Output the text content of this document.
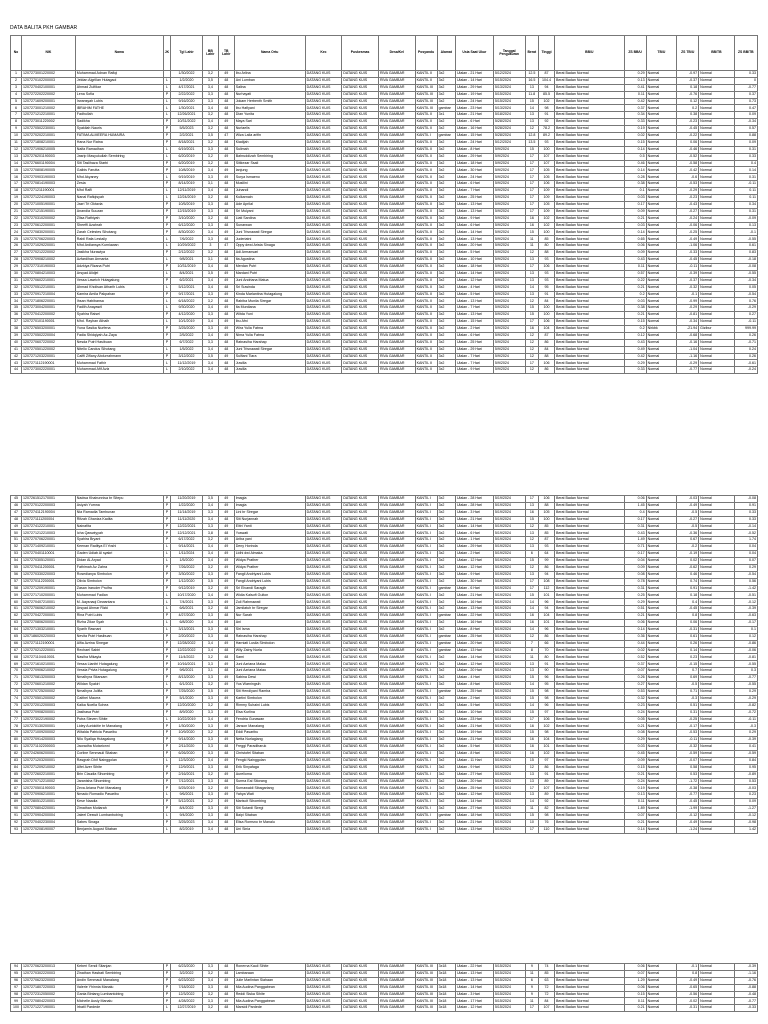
DATA BALITA PKH GAMBAR
No	NIK	Nama	JK	Tgl Lahir	BB Lahir	TB Lahir	Nama Ortu	Kec	Puskesmas	Desa/Kel	Posyandu	Alamat	Usia Saat Ukur	Tanggal Pengukuran	Berat	Tinggi	BB/U	ZS BB/U	TB/U	ZS TB/U	BB/TB	ZS BB/TB
1	1207273001220002	Muhammad Adnan Rafiqi		1/30/2022	3,2	49	Ibu Arlina	DATANG KUIS	DATANG KUIS	RIVA GAMBAR	KANTIL II	3x2	Ulalan - 21 Hari	5/12/2024	12.5	87	Berat Badan Normal	0.29	Normal	-0.97	Normal	0.33
2	1207270102200003	Jeldan Algrillan Hutagaol	L	1/2/2020	3,5	48	Ani Lumban	DATANG KUIS	DATANG KUIS	RIVA GAMBAR	KANTIL II	3x2	Ulalan - 14 Hari	5/15/2024	16.5	104.4	Berat Badan Normal	0.13	Normal	-0.37	Normal	0
3	1207270402100001	Ahmad Zulfikar	L	4/17/2021	3,4	48	Salina	DATANG KUIS	DATANG KUIS	RIVA GAMBAR	KANTIL III	3x2	Ulalan - 29 Hari	5/13/2024	13	94	Berat Badan Normal	0.41	Normal	0.18	Normal	-0.77
4	1207272202220002	Lena Sofia	P	2/22/2022	3,3	48	Nurhayati	DATANG KUIS	DATANG KUIS	RIVA GAMBAR	KANTIL III	3x2	Ulalan - 19 Hari	5/15/2024	11.8	85.5	Berat Badan Normal	0.11	Normal	-0.76	Normal	0.37
5	1207271609200001	Irwansyah Lubis	L	9/16/2020	3,3	48	Jokam Herbenth Smith	DATANG KUIS	DATANG KUIS	RIVA GAMBAR	KANTIL III	3x2	Ulalan - 24 Hari	5/15/2024	15	102	Berat Badan Normal	0.42	Normal	0.12	Normal	0.73
6	1207273001210002	IBRAHIM FATHE	L	1/30/2021	3,4	48	Ibu Hafiyani	DATANG KUIS	DATANG KUIS	RIVA GAMBAR	KANTIL III	gambar	Ulalan - 23 Hari	5/13/2024	14	98	Berat Badan Normal	0.37	Normal	0.2	Normal	0.47
7	1207271212210001	Fadhullah	L	12/26/2021	3,2	48	Dian Yunita	DATANG KUIS	DATANG KUIS	RIVA GAMBAR	KANTIL II	3x1	Ulalan - 21 Hari	5/18/2024	13	91	Berat Badan Normal	0.34	Normal	0.38	Normal	0.09
8	1207273011220002	Sadikha	P	10/31/2022	3,4	49	Maya Sari	DATANG KUIS	DATANG KUIS	RIVA GAMBAR	KANTIL II	3x2	Ulalan - 6 Hari	5/28/2024	13	92	Berat Badan Normal	0.33	Normal	-0.23	Normal	-0.34
9	1207270502230001	Syakilah Nauris	P	5/5/2023	3,2	48	Nurlaelis	DATANG KUIS	DATANG KUIS	RIVA GAMBAR	KANTIL II	3x2	Ulalan - 16 Hari	5/28/2024	12	78.2	Berat Badan Normal	0.19	Normal	-0.45	Normal	0.57
10	1207270202210001	FATIMA ALMEERA HUMAIRA	P	2/2/2021	3,5	47	Wiza Laila arifin	DATANG KUIS	DATANG KUIS	RIVA GAMBAR	KANTIL I	gambar	Ulalan - 15 Hari	5/28/2024	12.8	89.2	Berat Badan Normal	0.02	Normal	-0.22	Normal	0.88
11	1207271808210001	Hana Nur Ratna	P	8/18/2021	3,2	48	Kiadijah	DATANG KUIS	DATANG KUIS	RIVA GAMBAR	KANTIL II	3x2	Ulalan - 24 Hari	5/12/2024	13.5	93	Berat Badan Normal	0.15	Normal	0.06	Normal	0.09
12	1207271906210005	Naifa Ramadhan	L	6/19/2021	3,3	48	Sulimah	DATANG KUIS	DATANG KUIS	RIVA GAMBAR	KANTIL II	3x2	Ulalan - 8 Hari	5/9/2024	15	100	Berat Badan Normal	0.14	Normal	-0.46	Normal	0.31
13	1207276201190003	Jasrip Masyukullah Sembiring	L	6/20/2019	3,2	49	Bahruddizah Sembiring	DATANG KUIS	DATANG KUIS	RIVA GAMBAR	KANTIL II	3x2	Ulalan - 29 Hari	5/9/2024	17	107	Berat Badan Normal	0.5	Normal	-0.52	Normal	0.33
14	1207276601190004	Siti Taslihaza Starbi	P	6/20/2019	3,2	48	Sitikezar Ssali	DATANG KUIS	DATANG KUIS	RIVA GAMBAR	KANTIL II	3x2	Ulalan - 18 Hari	5/9/2024	17	107	Berat Badan Normal	0.46	Normal	-0.58	Normal	0.4
15	1207270808190005	Galbis Farutta	P	10/8/2019	3,4	49	Ianjung	DATANG KUIS	DATANG KUIS	RIVA GAMBAR	KANTIL II	3x2	Ulalan - 30 Hari	5/9/2024	17	105	Berat Badan Normal	0.14	Normal	-0.42	Normal	0.14
16	1207270903190003	Mhd Akyaney	L	9/19/2019	3,3	49	Surya Ismaeno	DATANG KUIS	DATANG KUIS	RIVA GAMBAR	KANTIL II	3x2	Ulalan - 24 Hari	5/9/2024	17	105	Berat Badan Normal	0.28	Normal	-0.6	Normal	0.31
17	1207270814190003	Zesia	P	8/14/2019	3,1	48	Musliini	DATANG KUIS	DATANG KUIS	RIVA GAMBAR	KANTIL II	3x2	Ulalan - 6 Hari	5/9/2024	17	106	Berat Badan Normal	0.38	Normal	-0.53	Normal	-0.11
18	1207271211190001	Mhd Rafli	L	12/11/2019	3,4	48	Juhandi	DATANG KUIS	DATANG KUIS	RIVA GAMBAR	KANTIL II	3x2	Ulalan - 7 Hari	5/9/2024	17	109	Berat Badan Normal	0.1	Normal	-0.29	Normal	0.11
19	1207271224190003	Nanal Rafiqisyah	L	12/24/2019	3,2	48	Kulkarnain	DATANG KUIS	DATANG KUIS	RIVA GAMBAR	KANTIL II	3x2	Ulalan - 25 Hari	5/9/2024	17	109	Berat Badan Normal	0.03	Normal	-0.23	Normal	0.11
20	1207271005190001	Jazri Tri Oktavia	P	10/5/2019	3,3	48	Ade Aprilal	DATANG KUIS	DATANG KUIS	RIVA GAMBAR	KANTIL II	3x2	Ulalan - 13 Hari	5/9/2024	17	105	Berat Badan Normal	0.17	Normal	-0.43	Normal	0.34
21	1207271215190001	Anandia Suuzan	P	12/15/2019	3,3	48	Sri Mulyani	DATANG KUIS	DATANG KUIS	RIVA GAMBAR	KANTIL II	3x2	Ulalan - 13 Hari	5/9/2024	17	109	Berat Badan Normal	0.09	Normal	-0.27	Normal	0.31
22	1207270310200002	Zlisa Rathiyah	P	3/10/2020	3,2	48	Liati Sardina	DATANG KUIS	DATANG KUIS	RIVA GAMBAR	KANTIL II	3x2	Ulalan - 9 Hari	5/9/2024	16	102	Berat Badan Normal	0.21	Normal	-0.24	Normal	-0.09
23	1207270612200001	Sheeffi Azahrah	P	6/12/2020	3,3	48	Sunarwan	DATANG KUIS	DATANG KUIS	RIVA GAMBAR	KANTIL II	3x2	Ulalan - 6 Hari	5/9/2024	16	102	Berat Badan Normal	0.03	Normal	-0.06	Normal	0.13
24	1207270830200001	Zarah Celestes Sihotang	P	8/30/2020	3,4	49	Juni Trisnawati Siregar	DATANG KUIS	DATANG KUIS	RIVA GAMBAR	KANTIL II	3x2	Ulalan - 14 Hari	5/9/2024	15	100	Berat Badan Normal	0.14	Normal	-0.25	Normal	-0.1
25	1207270706220003	Rabil Rafa Lestaily	L	7/6/2022	3,3	48	Juderiatni	DATANG KUIS	DATANG KUIS	RIVA GAMBAR	KANTIL II	3x2	Ulalan - 13 Hari	5/9/2024	11	85	Berat Badan Normal	0.65	Normal	-0.49	Normal	-0.55
26	1207271029220001	Mhd Ardiansya Kurniawan	L	10/29/2022	3	47	Oppy dewi Arista Sinaga	DATANG KUIS	DATANG KUIS	RIVA GAMBAR	KANTIL II	3x2	Ulalan - 20 Hari	5/9/2024	11	80	Berat Badan Normal	0.06	Normal	-1.06	Normal	0.61
27	1207270212220002	Jasikha Nurawiya	P	2/12/2022	3,2	48	Adi Armansari	DATANG KUIS	DATANG KUIS	RIVA GAMBAR	KANTIL II	3x2	Ulalan - 5 Hari	5/9/2024	12	88	Berat Badan Normal	0.09	Normal	-0.33	Normal	0.83
28	1207270908210002	Azfardihan Armanta	L	9/8/2021	3,1	48	Ita Agustina	DATANG KUIS	DATANG KUIS	RIVA GAMBAR	KANTIL II	3x2	Ulalan - 10 Hari	5/9/2024	13	93	Berat Badan Normal	0.43	Normal	-0.45	Normal	-0.18
29	1207277310190003	Adzkiya Rizana Putri	P	10/31/2019	3,4	48	Merdan Putri	DATANG KUIS	DATANG KUIS	RIVA GAMBAR	KANTIL II	3x2	Ulalan - 18 Hari	5/9/2024	17	106	Berat Badan Normal	0.11	Normal	-0.11	Normal	-0.08
30	1207270804210003	Arsyad Alidjel	L	8/4/2021	3,5	49	Mardani Putri	DATANG KUIS	DATANG KUIS	RIVA GAMBAR	KANTIL II	3x2	Ulalan - 14 Hari	5/9/2024	13	93	Berat Badan Normal	0.57	Normal	-0.39	Normal	-0.55
31	1207270602210001	Vessa Lawrich Hutagalung	P	6/2/2021	3,4	49	Juni Andriana Matua	DATANG KUIS	DATANG KUIS	RIVA GAMBAR	KANTIL II	3x2	Ulalan - 12 Hari	5/9/2024	13	93	Berat Badan Normal	0.22	Normal	-0.37	Normal	-0.34
32	1207270512210001	Ahmad Kholisan Atharih Lubis	L	5/12/2021	3,4	48	Sri Suwinda	DATANG KUIS	DATANG KUIS	RIVA GAMBAR	KANTIL II	3x2	Ulalan - 4 Hari	5/9/2024	14	95	Berat Badan Normal	0.21	Normal	-0.32	Normal	0.05
33	1207270917210004	Kamira Amila Pakpahan	P	9/17/2021	3,3	49	Kinda Marlantina Hutagalung	DATANG KUIS	DATANG KUIS	RIVA GAMBAR	KANTIL II	3x2	Ulalan - 5 Hari	5/9/2024	13	91	Berat Badan Normal	0.2	Normal	-0.1	Normal	-0.54
34	1207271806220001	Ihsan Habibansa	L	6/18/2022	3,2	48	Rabiba Muniia Siregar	DATANG KUIS	DATANG KUIS	RIVA GAMBAR	KANTIL II	3x2	Ulalan - 13 Hari	5/9/2024	12	84	Berat Badan Normal	0.03	Normal	-0.99	Normal	0.76
35	1207273004200001	Fadlih Anayasril	L	9/30/2020	3,4	49	Ita Murdiana	DATANG KUIS	DATANG KUIS	RIVA GAMBAR	KANTIL II	3x2	Ulalan - 7 Hari	5/9/2024	15	100	Berat Badan Normal	0.38	Normal	-0.29	Normal	-0.29
36	1207270412200002	Syahira Raisel	P	4/12/2020	3,3	48	Witda Yuni	DATANG KUIS	DATANG KUIS	RIVA GAMBAR	KANTIL II	3x2	Ulalan - 13 Hari	5/9/2024	15	100	Berat Badan Normal	0.21	Normal	-0.81	Normal	0.27
37	1207270101190001	Mhd. Rayhan Athaih	L	10/1/2019	3,4	49	Ibu Afni	DATANG KUIS	DATANG KUIS	RIVA GAMBAR	KANTIL II	3x2	Ulalan - 15 Hari	5/9/2024	17	106	Berat Badan Normal	0.15	Normal	-0.34	Normal	-0.11
38	1207276503200001	Yuna Sasika Nurfena	P	3/25/2020	3,3	49	Wira Yulia Fatma	DATANG KUIS	DATANG KUIS	RIVA GAMBAR	KANTIL II	3x2	Ulalan - 2 Hari	5/9/2024	16	104	Berat Badan Normal	0.2	Nirkbk	-21.94	Gizibur	999.99
39	1207270502220004	Fadia Shidqiyah Az-Zaya	P	2/5/2022	3,4	49	Nima Yulia Fatma	DATANG KUIS	DATANG KUIS	RIVA GAMBAR	KANTIL II	3x2	Ulalan - 6 Hari	5/9/2024	12	87	Berat Badan Normal	0.12	Normal	-0.68	Normal	0.26
40	1207270607220002	Nesda Putri Hasibuan	P	6/7/2022	3,3	48	Ratnasiha Harahap	DATANG KUIS	DATANG KUIS	RIVA GAMBAR	KANTIL II	3x2	Ulalan - 25 Hari	5/9/2024	12	86	Berat Badan Normal	0.43	Normal	-0.16	Normal	-0.71
41	1207270501220002	Nitello Candus Sihotang	L	1/5/2022	3,4	48	Juni Trisnawati Siregar	DATANG KUIS	DATANG KUIS	RIVA GAMBAR	KANTIL II	3x2	Ulalan - 29 Hari	5/9/2024	12	84	Berat Badan Normal	0.49	Normal	-1.04	Normal	0.24
42	1207271203220001	Caiffi Ziflany Abdurrahmann	P	3/12/2022	3,5	49	Sulfiani Tiara	DATANG KUIS	DATANG KUIS	RIVA GAMBAR	KANTIL II	3x2	Ulalan - 7 Hari	5/9/2024	12	88	Berat Badan Normal	0.42	Normal	-1.16	Normal	0.26
43	1207271112190001	Muhammad Fathir	L	11/12/2019	3,4	48	Juwilla	DATANG KUIS	DATANG KUIS	RIVA GAMBAR	KANTIL II	3x2	Ulalan - 7 Hari	5/9/2024	17	106	Berat Badan Normal	0.29	Normal	-0.29	Normal	-0.61
44	1207273002220001	Muhammad Afif Aziz	L	2/10/2022	3,4	48	Juwilla	DATANG KUIS	DATANG KUIS	RIVA GAMBAR	KANTIL II	3x2	Ulalan - 9 Hari	5/9/2024	12	86	Berat Badan Normal	0.33	Normal	-0.77	Normal	-0.24
45	1207261512170001	Nadwa Khairunnisa br Sitepu	P	11/20/2019	3,5	49	Imagia	DATANG KUIS	DATANG KUIS	RIVA GAMBAR	KANTIL I	3x2	Ulalan - 28 Hari	5/19/2024	17	106	Berat Badan Normal	0.06	Normal	-0.03	Normal	-0.08
46	1207270122200003	Asiyah Yumna	P	1/22/2020	3,4	49	Imagia	DATANG KUIS	DATANG KUIS	RIVA GAMBAR	KANTIL I	3x2	Ulalan - 28 Hari	5/19/2024	13	88	Berat Badan Normal	1.45	Normal	-0.49	Normal	0.91
47	1207274112190004	Nia Ramadia Tambunan	P	11/14/2019	3,3	49	Lini br Siregar	DATANG KUIS	DATANG KUIS	RIVA GAMBAR	KANTIL I	3x2	Ulalan - 3 Hari	5/19/2024	16	105	Berat Badan Normal	0.4	Normal	-0.5	Normal	0.33
48	1207271111200004	Rifzah Ghaniza Kadita	P	11/11/2020	3,4	48	Siti Nurjannah	DATANG KUIS	DATANG KUIS	RIVA GAMBAR	KANTIL I	3x2	Ulalan - 21 Hari	5/19/2024	15	100	Berat Badan Normal	0.17	Normal	-0.27	Normal	0.33
49	1207274122210001	Nainafita	P	12/22/2021	3,3	49	Elitri Yanti	DATANG KUIS	DATANG KUIS	RIVA GAMBAR	KANTIL I	3x2	Ulalan - 14 Hari	5/19/2024	12	85	Berat Badan Normal	0.31	Normal	-0.5	Normal	-0.14
50	1207271212210003	Icha Qawwiyyah	P	12/12/2021	3,8	48	Yuswati	DATANG KUIS	DATANG KUIS	RIVA GAMBAR	KANTIL I	3x2	Ulalan - 6 Hari	5/19/2024	13	85	Berat Badan Normal	0.43	Normal	-0.36	Normal	-0.52
51	1207270706220001	Syahira Bryant	P	6/17/2022	3,2	49	Ariba yani	DATANG KUIS	DATANG KUIS	RIVA GAMBAR	KANTIL I	3x2	Ulalan - 1 Hari	5/19/2024	12	87	Berat Badan Normal	1.49	Normal	0.67	Normal	1.74
52	1207271409210001	Keenan Raditya El Yoshi	L	9/14/2021	3,4	49	Deny Horinda	DATANG KUIS	DATANG KUIS	RIVA GAMBAR	KANTIL I	3x2	Ulalan - 29 Hari	5/19/2024	13	93	Berat Badan Normal	0.71	Normal	-0.2	Normal	0.04
53	1207270401110001	Gaden Udiab Al syakri	L	1/11/2024	3,4	49	Lidhi dwi Almaka	DATANG KUIS	DATANG KUIS	RIVA GAMBAR	KANTIL I	3x2	Ulalan - 2 Hari	5/19/2024	6	64	Berat Badan Normal	0.17	Normal	-0.19	Normal	0.04
54	1207270305120001	Didan Al-Aryad	L	1/5/2020	3,4	49	Widya Prather	DATANG KUIS	DATANG KUIS	RIVA GAMBAR	KANTIL I	3x2	Ulalan - 12 Hari	5/19/2024	15	99	Berat Badan Normal	0.04	Normal	0.02	Normal	0.07
55	1207270411200001	Fathimah Az Zahra	P	7/26/2022	3,2	49	Widya Prather	DATANG KUIS	DATANG KUIS	RIVA GAMBAR	KANTIL I	3x2	Ulalan - 12 Hari	5/19/2024	12	86	Berat Badan Normal	0.09	Normal	-0.62	Normal	0.29
56	1207270330220003	Rosedianya Simbolon	P	3/30/2022	3,3	49	Fangil Andriyani Lubis	DATANG KUIS	DATANG KUIS	RIVA GAMBAR	KANTIL I	3x2	Ulalan - 9 Hari	5/19/2024	13	94	Berat Badan Normal	0.08	Normal	0.46	Normal	-0.54
57	1207270112200001	Olivia Simbolon	P	1/12/2020	3,5	49	Fangil Andriyani Lubis	DATANG KUIS	DATANG KUIS	RIVA GAMBAR	KANTIL I	3x2	Ulalan - 30 Hari	5/19/2024	17	108	Berat Badan Normal	0.78	Normal	0.74	Normal	0.56
58	1207271209190001	Zasan Iraruder Pruifra	P	9/12/2019	3,2	49	Sri Elvandi Saragih	DATANG KUIS	DATANG KUIS	RIVA GAMBAR	KANTIL I	gambar	Ulalan - 6 Hari	5/19/2024	17	112	Berat Badan Normal	0.31	Normal	0.91	Normal	-1.42
59	1207271710200001	Muhammad Fadlan	L	10/17/2020	3,4	49	Widia Kalsoft Gulton	DATANG KUIS	DATANG KUIS	RIVA GAMBAR	KANTIL I	3x2	Ulalan - 21 Hari	5/19/2024	15	101	Berat Badan Normal	0.25	Normal	0.18	Normal	-0.51
60	1207270407210001	M. Aaysnaqi Dewantara	L	7/4/2021	3,3	49	Zuli Rahmawati	DATANG KUIS	DATANG KUIS	RIVA GAMBAR	KANTIL I	3x2	Ulalan - 16 Hari	5/19/2024	14	96	Berat Badan Normal	0.29	Normal	0.4	Normal	-0.12
61	1207270606210002	Arsyad Ahmar Rizki	L	6/6/2021	3,2	48	Jamilatuh br Siregar	DATANG KUIS	DATANG KUIS	RIVA GAMBAR	KANTIL I	3x2	Ulalan - 13 Hari	5/19/2024	14	94	Berat Badan Normal	0.51	Normal	-0.45	Normal	-0.39
62	1207270427200001	Rina Putri Lubis	P	4/27/2020	3,3	48	Nur Sarah	DATANG KUIS	DATANG KUIS	RIVA GAMBAR	KANTIL I	gambar	Ulalan - 22 Hari	5/19/2024	16	104	Berat Badan Normal	0.21	Normal	0.8	Normal	-0.63
63	1207270806200001	Rizha Zikar Syah	L	6/8/2020	3,4	49	Ani	DATANG KUIS	DATANG KUIS	RIVA GAMBAR	KANTIL I	3x2	Ulalan - 16 Hari	5/19/2024	16	101	Berat Badan Normal	0.06	Normal	0.06	Normal	-0.17
64	1207271303210001	Syarih Rasnani	L	3/13/2021	3,3	48	Sirl Isma	DATANG KUIS	DATANG KUIS	RIVA GAMBAR	KANTIL I	3x2	Ulalan - 8 Hari	5/19/2024	14	96	Berat Badan Normal	0.14	Normal	-0.31	Normal	0.1
65	1207186020220003	Nevita Putri Hasibuan	P	2/20/2022	3,3	48	Ratnasiha Harahap	DATANG KUIS	DATANG KUIS	RIVA GAMBAR	KANTIL I	gambar	Ulalan - 25 Hari	5/19/2024	12	86	Berat Badan Normal	0.36	Normal	0.61	Normal	0.12
66	1207271112190001	Alfia Azrina Sinegar	P	12/28/2022	3,4	49	Harniati Lusila Simbolon	DATANG KUIS	DATANG KUIS	RIVA GAMBAR	KANTIL I	gambar	Ulalan - 20 Hari	5/19/2024	7	66	Berat Badan Normal	0.44	Normal	0.26	Normal	-0.86
67	1207270212220001	Rechael Sabiri	P	12/22/2022	3,4	48	Wily Zainy Nurla	DATANG KUIS	DATANG KUIS	RIVA GAMBAR	KANTIL I	gambar	Ulalan - 13 Hari	5/19/2024	8	70	Berat Badan Normal	0.02	Normal	0.14	Normal	-0.06
68	1207271104410001	Nasiha Mikayla	P	11/4/2022	3,2	48	Sarni	DATANG KUIS	DATANG KUIS	RIVA GAMBAR	KANTIL I	3x2	Ulalan - 14 Hari	5/19/2024	11	80	Berat Badan Normal	0.52	Normal	0.23	Normal	-0.81
69	1207271610210001	Vessa Lianitri Hutagalung	P	10/16/2021	3,3	49	Juni Azriana Malau	DATANG KUIS	DATANG KUIS	RIVA GAMBAR	KANTIL I	3x2	Ulalan - 12 Hari	5/19/2024	13	91	Berat Badan Normal	0.37	Normal	-0.15	Normal	-0.55
70	1207270906210002	Vessia Privia Hutagalung	P	9/6/2021	3,1	48	Juni Azriana Malau	DATANG KUIS	DATANG KUIS	RIVA GAMBAR	KANTIL I	3x2	Ulalan - 20 Hari	5/19/2024	13	90	Berat Badan Normal	0.07	Normal	0.7	Normal	0.3
71	1207270813200003	Nmalhyra Stiarsam	P	8/13/2020	3,3	49	Sabina Dewi	DATANG KUIS	DATANG KUIS	RIVA GAMBAR	KANTIL I	3x2	Ulalan - 4 Hari	5/19/2024	15	96	Berat Badan Normal	0.26	Normal	0.69	Normal	-0.77
72	1207270601210002	Wildan Syakiri	L	6/1/2021	3,2	49	Yus Warningsih	DATANG KUIS	DATANG KUIS	RIVA GAMBAR	KANTIL I	3x2	Ulalan - 8 Hari	5/19/2024	14	95	Berat Badan Normal	0.27	Normal	-0.5	Normal	-0.55
73	1207270725200002	Nmalhyra Julifia	P	7/25/2020	3,5	49	Siti Hendiyani Ramba	DATANG KUIS	DATANG KUIS	RIVA GAMBAR	KANTIL I	gambar	Ulalan - 25 Hari	5/19/2024	15	98	Berat Badan Normal	0.53	Normal	0.71	Normal	0.29
74	1207270501200002	Caithei Maurra	P	5/1/2020	3,3	49	Kartini Simbolon	DATANG KUIS	DATANG KUIS	RIVA GAMBAR	KANTIL I	3x2	Ulalan - 2 Hari	5/19/2024	15	98	Berat Badan Normal	0.32	Normal	-0.3	Normal	-0.29
75	1207272012200003	Kaika Noella Sohea	P	12/20/2020	3,2	48	Rimmy Suhaini Lubis	DATANG KUIS	DATANG KUIS	RIVA GAMBAR	KANTIL I	3x2	Ulalan - 5 Hari	5/19/2024	14	96	Berat Badan Normal	0.23	Normal	0.51	Normal	-0.82
76	1207270908200001	Jasihasa Putri	P	8/9/2020	3,3	49	Elsa Kurlina	DATANG KUIS	DATANG KUIS	RIVA GAMBAR	KANTIL I	3x2	Ulalan - 10 Hari	5/19/2024	15	97	Berat Badan Normal	0.24	Normal	0.31	Normal	-0.72
77	1207273022190002	Putra Steven Sihite	L	10/22/2019	3,4	49	Fendria Gunawan	DATANG KUIS	DATANG KUIS	RIVA GAMBAR	KANTIL I	3x2	Ulalan - 23 Hari	5/19/2024	17	106	Berat Badan Normal	0.05	Normal	-0.25	Normal	-0.11
78	1207270130200001	Lidey Auriokitie br Manalang	P	1/30/2020	3,3	49	Janson Manalang	DATANG KUIS	DATANG KUIS	RIVA GAMBAR	KANTIL I	3x2	Ulalan - 21 Hari	5/19/2024	16	102	Berat Badan Normal	0.21	Normal	-0.17	Normal	-0.3
79	1207271009200002	Witalda Patricia Pasaribu	P	10/9/2020	3,2	48	Eddi Pasaribu	DATANG KUIS	DATANG KUIS	RIVA GAMBAR	KANTIL I	3x2	Ulalan - 19 Hari	5/19/2024	15	98	Berat Badan Normal	0.08	Normal	-0.53	Normal	0.29
80	1207270914200003	Nilu Syaliqa Hutagalung	P	9/14/2020	3,3	49	Netta Nurlagiang	DATANG KUIS	DATANG KUIS	RIVA GAMBAR	KANTIL I	3x2	Ulalan - 21 Hari	5/19/2024	16	104	Berat Badan Normal	0.29	Normal	-0.11	Normal	-0.39
81	1207271102200003	Jaoradha Mutarionni	P	2/11/2020	3,3	48	Freggi Paradiharuk	DATANG KUIS	DATANG KUIS	RIVA GAMBAR	KANTIL I	3x2	Ulalan - 5 Hari	5/19/2024	16	101	Berat Badan Normal	0.03	Normal	-0.32	Normal	0.41
82	1207242606200001	Corline Senmauli Sitaban	P	6/26/2020	3,3	48	Christofel Sitaban	DATANG KUIS	DATANG KUIS	RIVA GAMBAR	KANTIL I	3x2	Ulalan - 8 Hari	5/19/2024	16	102	Berat Badan Normal	0.45	Normal	-0.59	Normal	-0.59
83	1207271203200001	Rasgrah Dhif Nainggolan	L	12/3/2020	3,4	49	Fengki Nainggolan	DATANG KUIS	DATANG KUIS	RIVA GAMBAR	KANTIL I	3x2	Ulalan - 11 Hari	5/19/2024	15	97	Berat Badan Normal	0.09	Normal	-0.07	Normal	0.84
84	1207271209210002	Alfei Azer Sihite	P	12/9/2021	3,3	48	Erik Sinyafaga	DATANG KUIS	DATANG KUIS	RIVA GAMBAR	KANTIL I	3x2	Ulalan - 9 Hari	5/19/2024	12	86	Berat Badan Normal	0.15	Normal	0.58	Normal	0.95
85	1207272602210001	Brin Claudia Sihombing	P	2/16/2021	3,2	49	Aurelioma	DATANG KUIS	DATANG KUIS	RIVA GAMBAR	KANTIL I	3x2	Ulalan - 27 Hari	5/19/2024	13	91	Berat Badan Normal	0.21	Normal	0.53	Normal	-0.89
86	1207270712210002	Jaranisha Sihombing	P	7/12/2021	3,3	48	Surma Eal Sitorang	DATANG KUIS	DATANG KUIS	RIVA GAMBAR	KANTIL I	3x2	Ulalan - 20 Hari	5/19/2024	13	89	Berat Badan Normal	0.24	Normal	-1.72	Normal	0.53
87	1207270501190003	Zeva Ariana Putri Manalang	P	5/25/2019	3,2	49	Surnawaldi Sibagariang	DATANG KUIS	DATANG KUIS	RIVA GAMBAR	KANTIL I	3x2	Ulalan - 25 Hari	5/19/2024	17	107	Berat Badan Normal	0.19	Normal	-0.38	Normal	-0.03
88	1207270906210001	Nmado Romadio Pasaribu	L	9/6/2021	3,3	49	Yahya Wati	DATANG KUIS	DATANG KUIS	RIVA GAMBAR	KANTIL I	3x2	Ulalan - 12 Hari	5/19/2024	13	89	Berat Badan Normal	0.13	Normal	-0.77	Normal	0.23
89	1207280512210001	Kese Naadia	P	5/12/2021	3,2	49	Mariscit Sihombing	DATANG KUIS	DATANG KUIS	RIVA GAMBAR	KANTIL I	3x2	Ulalan - 14 Hari	5/19/2024	14	92	Berat Badan Normal	0.11	Normal	-0.45	Normal	0.09
90	1207270804220001	Zimathan Mutiarah	P	8/4/2022	3,3	49	Siti Sutardi Siregi	DATANG KUIS	DATANG KUIS	RIVA GAMBAR	KANTIL I	3x2	Ulalan - 27 Hari	5/19/2024	11	82	Berat Badan Normal	1.89	Normal	-1.99	Normal	-1.27
91	1207270904200004	Jaleel Deswit Lumbanbobing	L	9/4/2020	3,3	48	Baipi Sitaban	DATANG KUIS	DATANG KUIS	RIVA GAMBAR	KANTIL I	gambar	Ulalan - 18 Hari	5/19/2024	15	98	Berat Badan Normal	0.07	Normal	-0.12	Normal	-0.12
92	1207270402230004	Sabes Sinaga	P	3/25/2023	3,4	48	Elisa Romsno br Manalu	DATANG KUIS	DATANG KUIS	RIVA GAMBAR	KANTIL I	3x2	Ulalan - 21 Hari	5/19/2024	10	76	Berat Badan Normal	0.21	Normal	-0.49	Normal	-0.98
93	1207270208190007	Benjamin August Sitaban	L	8/2/2019	3,4	48	Uni Sinia	DATANG KUIS	DATANG KUIS	RIVA GAMBAR	KANTIL I	3x2	Ulalan - 13 Hari	5/19/2024	17	110	Berat Badan Normal	0.14	Normal	-1.24	Normal	1.42
94	1207270623200013	Keberi Sendi Sitanjan	P	6/23/2020	3,3	48	Ronerna Kauli Sihite	DATANG KUIS	DATANG KUIS	RIVA GAMBAR	KANTIL III	3x18	Ulalan - 22 Hari	5/15/2024	9	74	Berat Badan Normal	0.06	Normal	-0.1	Normal	-0.39
95	1207270302220003	Zinathan Hasbati Sembiring	P	3/2/2022	3,2	48	Lambaraan	DATANG KUIS	DATANG KUIS	RIVA GAMBAR	KANTIL III	3x18	Ulalan - 13 Hari	5/15/2024	11	85	Berat Badan Normal	0.07	Normal	0.8	Normal	-1.16
96	1207270623220003	Andin Senmauli Manalang	P	6/23/2022	3,4	49	Julie Marlintan Siahaan	DATANG KUIS	DATANG KUIS	RIVA GAMBAR	KANTIL III	3x18	Ulalan - 13 Hari	5/15/2024	6	63	Berat Badan Normal	1.29	Normal	-0.49	Normal	-0.76
97	1207271807220003	Valerie Yhinnia Manalu	P	7/18/2022	3,3	48	Mia Audina Panggabean	DATANG KUIS	DATANG KUIS	RIVA GAMBAR	KANTIL III	3x18	Ulalan - 14 Hari	5/15/2024	9	72	Berat Badan Normal	0.06	Normal	-0.65	Normal	-0.88
98	1207272312050002	Gania Bintang Lumbantobing	P	12/3/2022	3,2	48	Reddi Siska Sihite	DATANG KUIS	DATANG KUIS	RIVA GAMBAR	KANTIL III	3x18	Ulalan - 3 Hari	5/15/2024	9	72	Berat Badan Normal	0.15	Normal	-0.56	Normal	-0.48
99	1207270804220003	Michelle Ausly Manalu	P	4/28/2022	3,3	49	Mia Audina Panggabean	DATANG KUIS	DATANG KUIS	RIVA GAMBAR	KANTIL III	3x18	Ulalan - 17 Hari	5/15/2024	11	84	Berat Badan Normal	0.11	Normal	-0.02	Normal	-0.77
100	1207271227190001	Irbatil Pardede	L	12/27/2019	3,2	48	Marsidi Pardede	DATANG KUIS	DATANG KUIS	RIVA GAMBAR	KANTIL III	3x18	Ulalan - 12 Hari	5/15/2024	17	107	Berat Badan Normal	0.21	Normal	-0.31	Normal	-0.33
